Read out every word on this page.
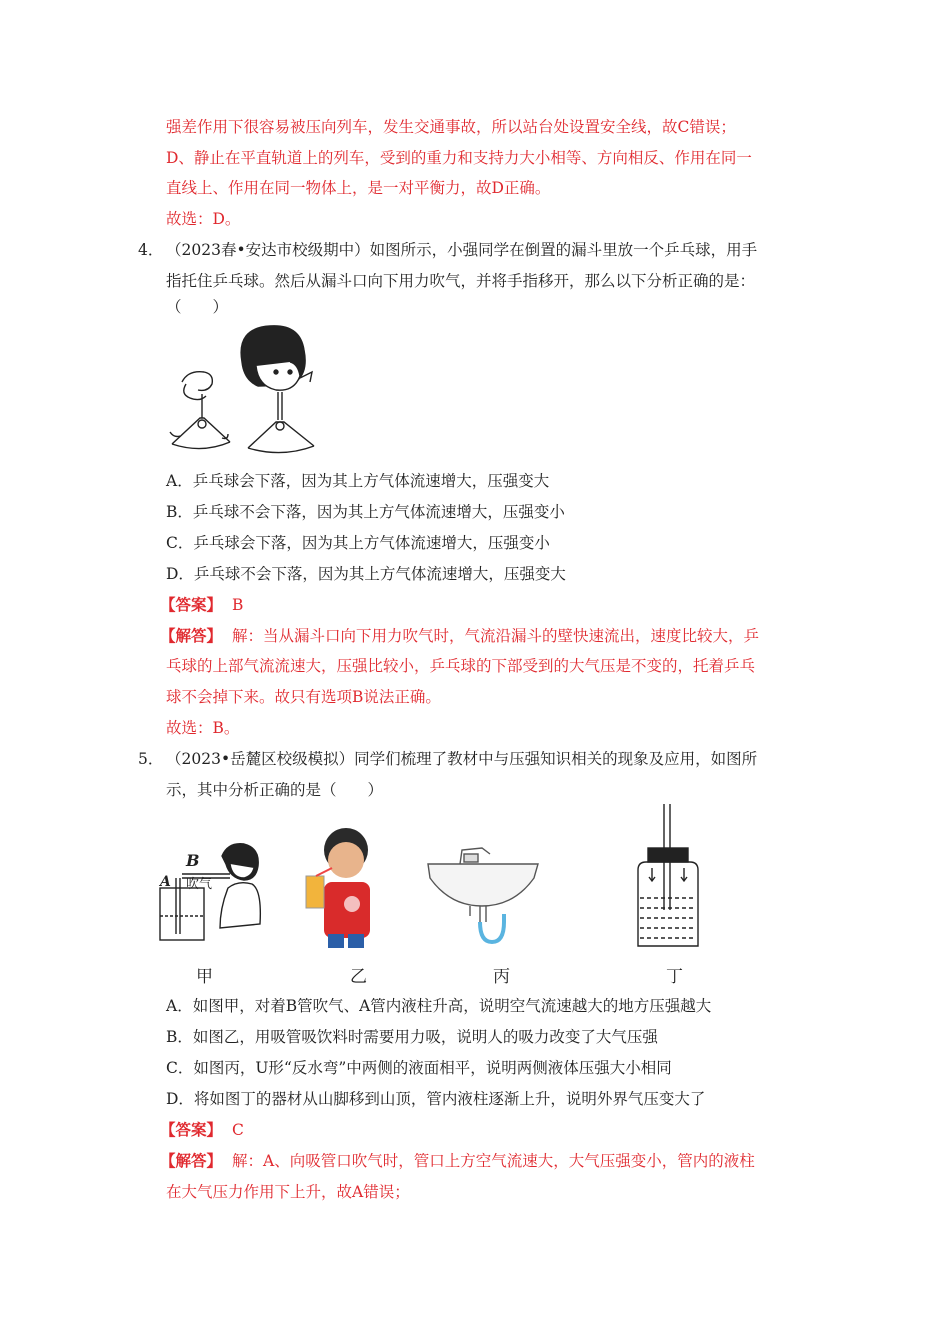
强差作用下很容易被压向列车，发生交通事故，所以站台处设置安全线，故C错误；
D、静止在平直轨道上的列车，受到的重力和支持力大小相等、方向相反、作用在同一
直线上、作用在同一物体上，是一对平衡力，故D正确。
故选：D。
4． （2023春•安达市校级期中）如图所示，小强同学在倒置的漏斗里放一个乒乓球，用手
指托住乒乓球。然后从漏斗口向下用力吹气，并将手指移开，那么以下分析正确的是：
（　　）
A．乒乓球会下落，因为其上方气体流速增大，压强变大
B．乒乓球不会下落，因为其上方气体流速增大，压强变小
C．乒乓球会下落，因为其上方气体流速增大，压强变小
D．乒乓球不会下落，因为其上方气体流速增大，压强变大
【答案】 B
【解答】 解：当从漏斗口向下用力吹气时，气流沿漏斗的壁快速流出，速度比较大，乒
乓球的上部气流流速大，压强比较小，乒乓球的下部受到的大气压是不变的，托着乒乓
球不会掉下来。故只有选项B说法正确。
故选：B。
5． （2023•岳麓区校级模拟）同学们梳理了教材中与压强知识相关的现象及应用，如图所
示，其中分析正确的是（　　）
B
A 吹气
甲	乙	丙	丁
A．如图甲，对着B管吹气、A管内液柱升高，说明空气流速越大的地方压强越大
B．如图乙，用吸管吸饮料时需要用力吸，说明人的吸力改变了大气压强
C．如图丙，U形“反水弯”中两侧的液面相平，说明两侧液体压强大小相同
D．将如图丁的器材从山脚移到山顶，管内液柱逐渐上升，说明外界气压变大了
【答案】 C
【解答】 解：A、向吸管口吹气时，管口上方空气流速大，大气压强变小，管内的液柱
在大气压力作用下上升，故A错误；
